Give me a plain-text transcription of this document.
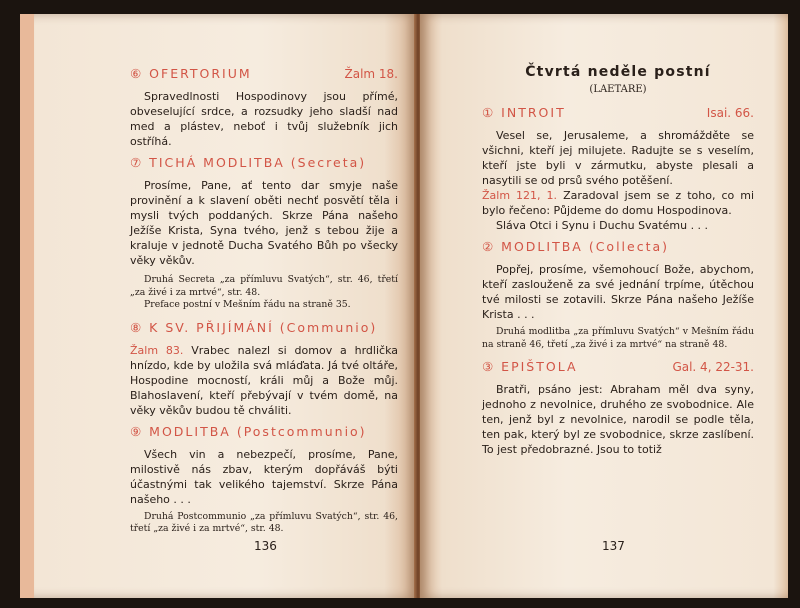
⑥ OFERTORIUM	Žalm 18.

Spravedlnosti Hospodinovy jsou přímé, obveselující srdce, a rozsudky jeho sladší nad med a plástev, neboť i tvůj služebník jich ostříhá.

⑦ TICHÁ MODLITBA (Secreta)

Prosíme, Pane, ať tento dar smyje naše provinění a k slavení oběti nechť posvětí těla i mysli tvých poddaných. Skrze Pána našeho Ježíše Krista, Syna tvého, jenž s tebou žije a kraluje v jednotě Ducha Svatého Bůh po všecky věky věkův.

Druhá Secreta „za přímluvu Svatých“, str. 46, třetí „za živé i za mrtvé“, str. 48.

Preface postní v Mešním řádu na straně 35.

⑧ K SV. PŘIJÍMÁNÍ (Communio)

Žalm 83. Vrabec nalezl si domov a hrdlička hnízdo, kde by uložila svá mláďata. Já tvé oltáře, Hospodine mocností, králi můj a Bože můj. Blahoslavení, kteří přebývají v tvém domě, na věky věkův budou tě chváliti.

⑨ MODLITBA (Postcommunio)

Všech vin a nebezpečí, prosíme, Pane, milostivě nás zbav, kterým dopřáváš býti účastnými tak velikého tajemství. Skrze Pána našeho . . .

Druhá Postcommunio „za přímluvu Svatých“, str. 46, třetí „za živé i za mrtvé“, str. 48.

136
Čtvrtá neděle postní
(LAETARE)
① INTROIT	Isai. 66.

Vesel se, Jerusaleme, a shromážděte se všichni, kteří jej milujete. Radujte se s veselím, kteří jste byli v zármutku, abyste plesali a nasytili se od prsů svého potěšení.

Žalm 121, 1. Zaradoval jsem se z toho, co mi bylo řečeno: Půjdeme do domu Hospodinova.

Sláva Otci i Synu i Duchu Svatému . . .

② MODLITBA (Collecta)

Popřej, prosíme, všemohoucí Bože, abychom, kteří zaslouženě za své jednání trpíme, útěchou tvé milosti se zotavili. Skrze Pána našeho Ježíše Krista . . .

Druhá modlitba „za přímluvu Svatých“ v Mešním řádu na straně 46, třetí „za živé i za mrtvé“ na straně 48.

③ EPIŠTOLA	Gal. 4, 22-31.

Bratři, psáno jest: Abraham měl dva syny, jednoho z nevolnice, druhého ze svobodnice. Ale ten, jenž byl z nevolnice, narodil se podle těla, ten pak, který byl ze svobodnice, skrze zaslíbení. To jest předobrazné. Jsou to totiž

137
